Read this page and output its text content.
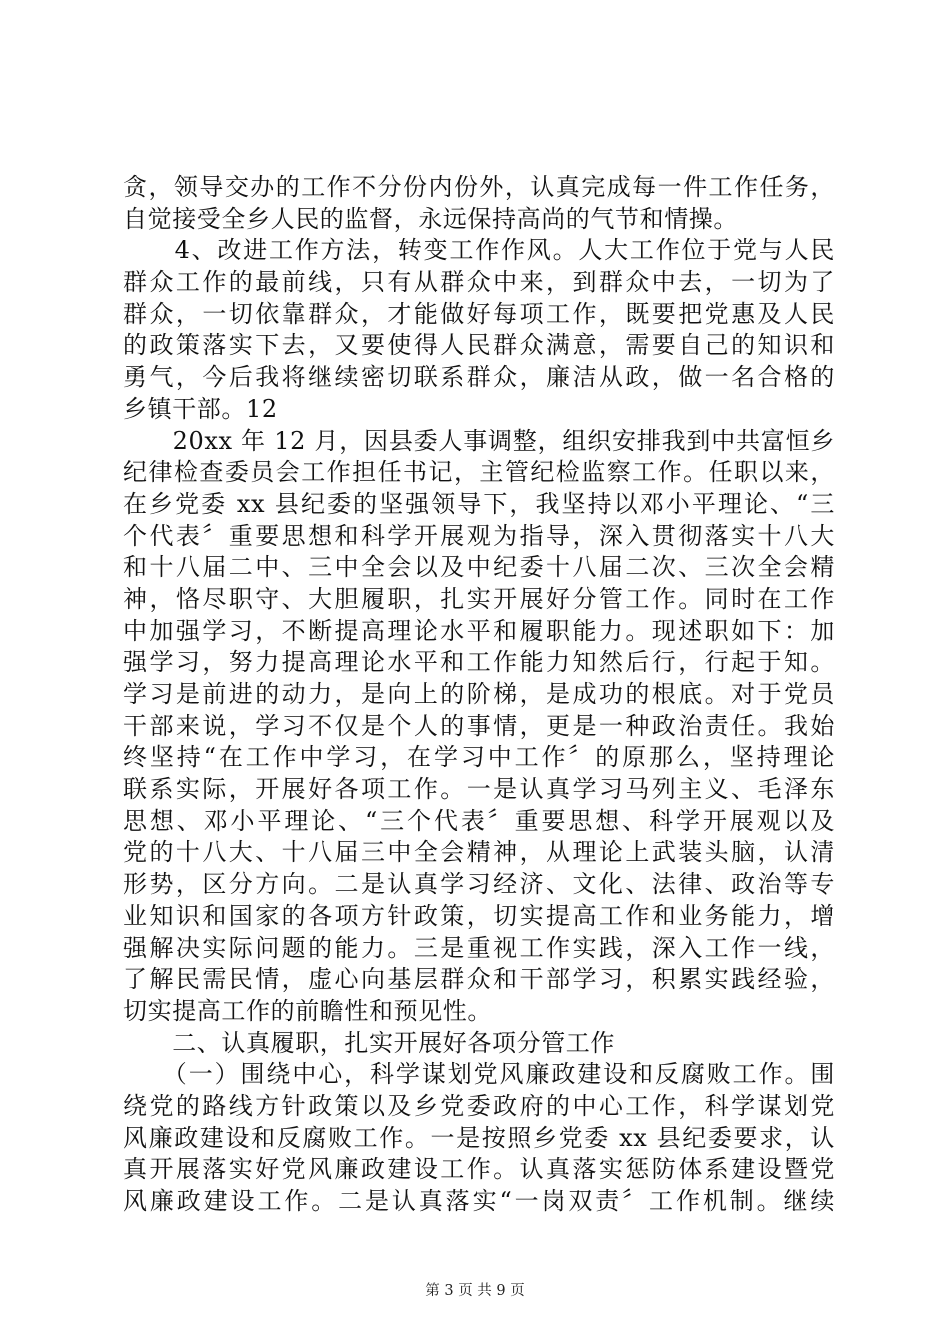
贪，领导交办的工作不分份内份外，认真完成每一件工作任务，
自觉接受全乡人民的监督，永远保持高尚的气节和情操。
　　4、改进工作方法，转变工作作风。人大工作位于党与人民
群众工作的最前线，只有从群众中来，到群众中去，一切为了
群众，一切依靠群众，才能做好每项工作，既要把党惠及人民
的政策落实下去，又要使得人民群众满意，需要自己的知识和
勇气，今后我将继续密切联系群众，廉洁从政，做一名合格的
乡镇干部。12
　　20xx 年 12 月，因县委人事调整，组织安排我到中共富恒乡
纪律检查委员会工作担任书记，主管纪检监察工作。任职以来，
在乡党委 xx 县纪委的坚强领导下，我坚持以邓小平理论、“三
个代表〞重要思想和科学开展观为指导，深入贯彻落实十八大
和十八届二中、三中全会以及中纪委十八届二次、三次全会精
神，恪尽职守、大胆履职，扎实开展好分管工作。同时在工作
中加强学习，不断提高理论水平和履职能力。现述职如下：加
强学习，努力提高理论水平和工作能力知然后行，行起于知。
学习是前进的动力，是向上的阶梯，是成功的根底。对于党员
干部来说，学习不仅是个人的事情，更是一种政治责任。我始
终坚持“在工作中学习，在学习中工作〞的原那么，坚持理论
联系实际，开展好各项工作。一是认真学习马列主义、毛泽东
思想、邓小平理论、“三个代表〞重要思想、科学开展观以及
党的十八大、十八届三中全会精神，从理论上武装头脑，认清
形势，区分方向。二是认真学习经济、文化、法律、政治等专
业知识和国家的各项方针政策，切实提高工作和业务能力，增
强解决实际问题的能力。三是重视工作实践，深入工作一线，
了解民需民情，虚心向基层群众和干部学习，积累实践经验，
切实提高工作的前瞻性和预见性。
　　二、认真履职，扎实开展好各项分管工作
　　（一）围绕中心，科学谋划党风廉政建设和反腐败工作。围
绕党的路线方针政策以及乡党委政府的中心工作，科学谋划党
风廉政建设和反腐败工作。一是按照乡党委 xx 县纪委要求，认
真开展落实好党风廉政建设工作。认真落实惩防体系建设暨党
风廉政建设工作。二是认真落实“一岗双责〞工作机制。继续
第 3 页 共 9 页
